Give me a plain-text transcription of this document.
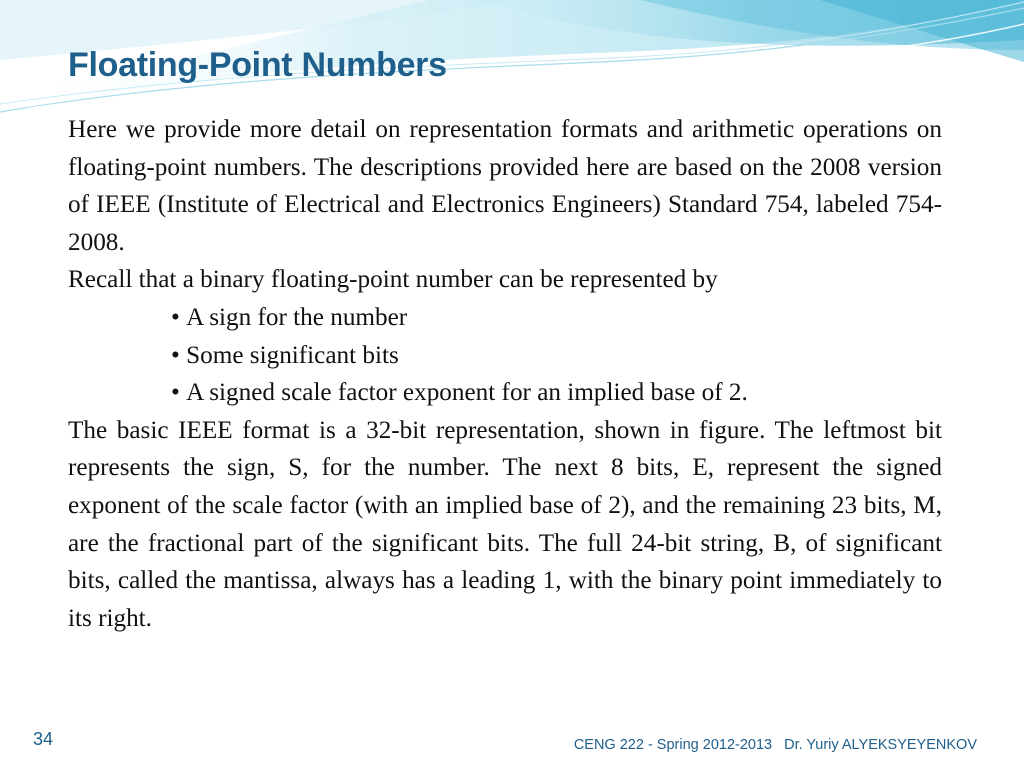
Floating-Point Numbers

Here we provide more detail on representation formats and arithmetic operations on floating-point numbers. The descriptions provided here are based on the 2008 version of IEEE (Institute of Electrical and Electronics Engineers) Standard 754, labeled 754-2008.

Recall that a binary floating-point number can be represented by

• A sign for the number
• Some significant bits
• A signed scale factor exponent for an implied base of 2.

The basic IEEE format is a 32-bit representation, shown in figure. The leftmost bit represents the sign, S, for the number. The next 8 bits, E, represent the signed exponent of the scale factor (with an implied base of 2), and the remaining 23 bits, M, are the fractional part of the significant bits. The full 24-bit string, B, of significant bits, called the mantissa, always has a leading 1, with the binary point immediately to its right.

34	CENG 222 - Spring 2012-2013 Dr. Yuriy ALYEKSYEYENKOV
